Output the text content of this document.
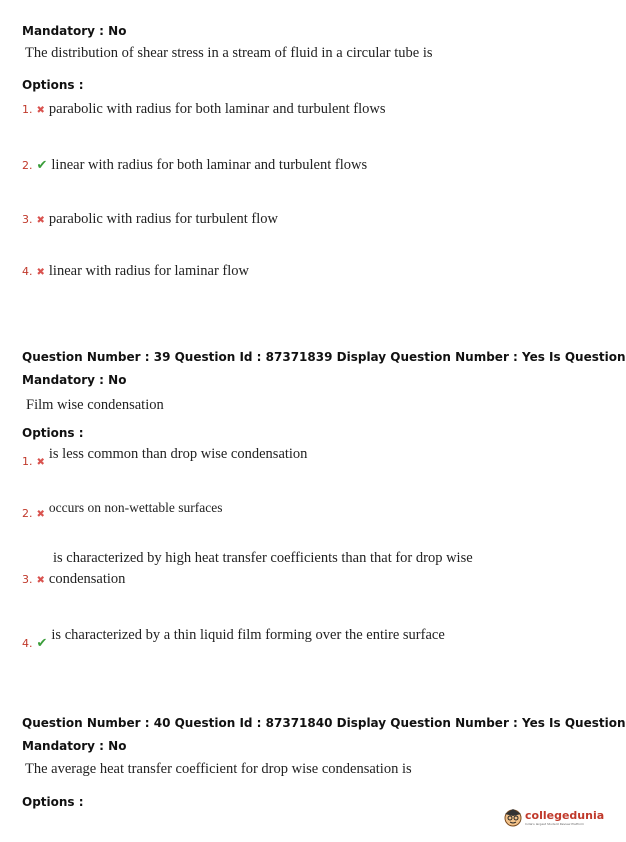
Mandatory : No
The distribution of shear stress in a stream of fluid in a circular tube is
Options :
1. ✖ parabolic with radius for both laminar and turbulent flows
2. ✔ linear with radius for both laminar and turbulent flows
3. ✖ parabolic with radius for turbulent flow
4. ✖ linear with radius for laminar flow
Question Number : 39 Question Id : 87371839 Display Question Number : Yes Is Question
Mandatory : No
Film wise condensation
Options :
$_{1.}$ $_✖$ is less common than drop wise condensation
$_{2.}$ $_✖$ occurs on non-wettable surfaces
is characterized by high heat transfer coefficients than that for drop wise
3. ✖ condensation
$_{4.}$ $_✔$ is characterized by a thin liquid film forming over the entire surface
Question Number : 40 Question Id : 87371840 Display Question Number : Yes Is Question
Mandatory : No
The average heat transfer coefficient for drop wise condensation is
Options :
collegedunia
India's largest Student Review Platform
